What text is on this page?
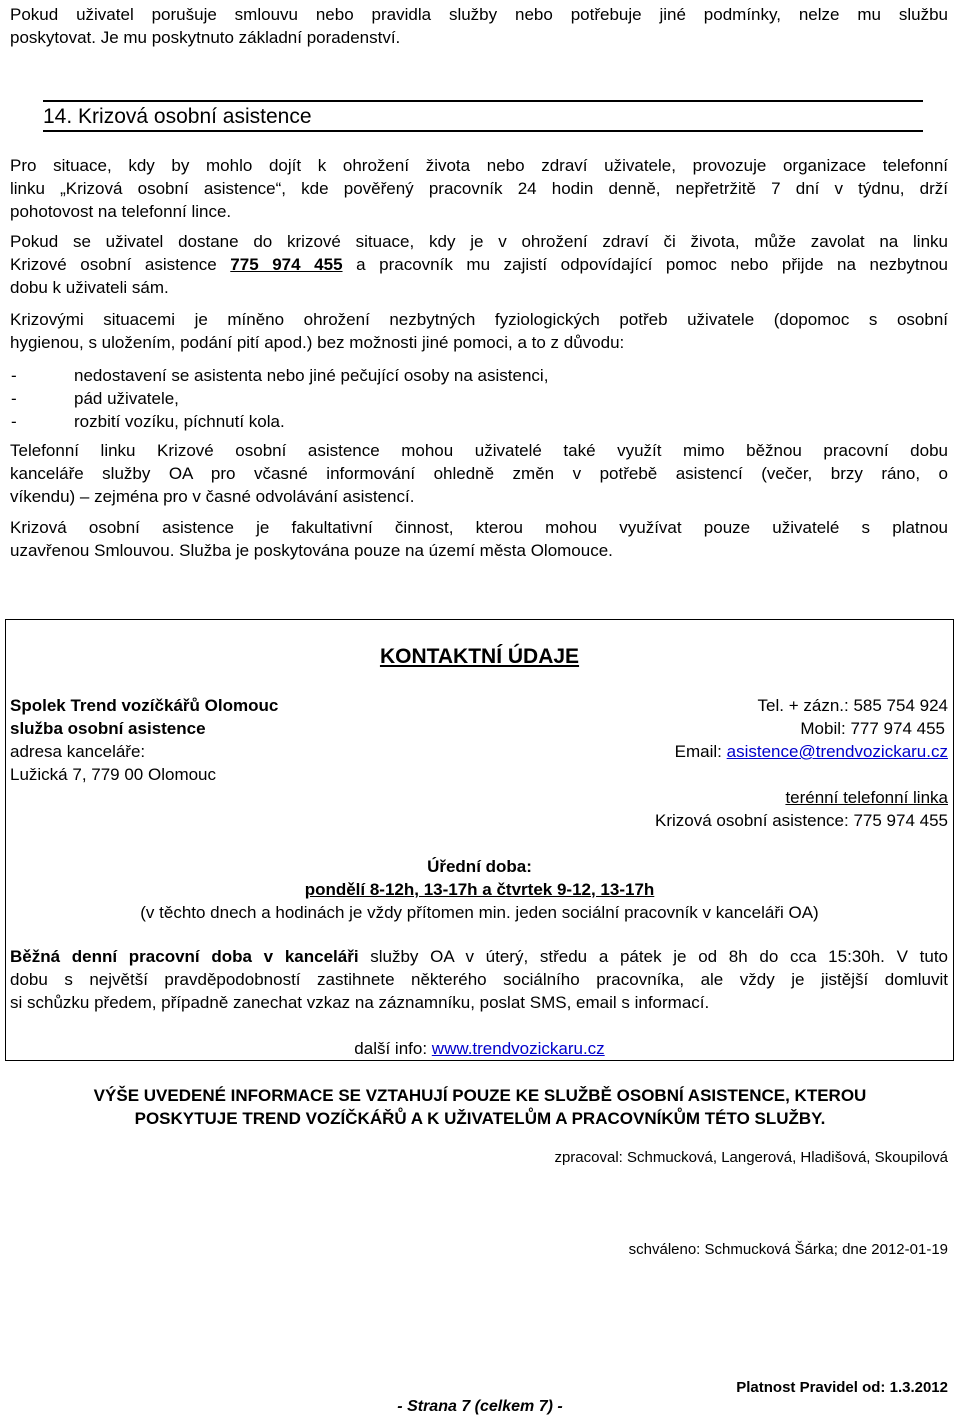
Pokud uživatel porušuje smlouvu nebo pravidla služby nebo potřebuje jiné podmínky, nelze mu službu
poskytovat. Je mu poskytnuto základní poradenství.
14. Krizová osobní asistence
Pro situace, kdy by mohlo dojít k ohrožení života nebo zdraví uživatele, provozuje organizace telefonní
linku „Krizová osobní asistence“, kde pověřený pracovník 24 hodin denně, nepřetržitě 7 dní v týdnu, drží
pohotovost na telefonní lince.
Pokud se uživatel dostane do krizové situace, kdy je v ohrožení zdraví či života, může zavolat na linku
Krizové osobní asistence 775 974 455 a pracovník mu zajistí odpovídající pomoc nebo přijde na nezbytnou
dobu k uživateli sám.
Krizovými situacemi je míněno ohrožení nezbytných fyziologických potřeb uživatele (dopomoc s osobní
hygienou, s uložením, podání pití apod.) bez možnosti jiné pomoci, a to z důvodu:
-	nedostavení se asistenta nebo jiné pečující osoby na asistenci,
-	pád uživatele,
-	rozbití vozíku, píchnutí kola.
Telefonní linku Krizové osobní asistence mohou uživatelé také využít mimo běžnou pracovní dobu
kanceláře služby OA pro včasné informování ohledně změn v potřebě asistencí (večer, brzy ráno, o
víkendu) – zejména pro v časné odvolávání asistencí.
Krizová osobní asistence je fakultativní činnost, kterou mohou využívat pouze uživatelé s platnou
uzavřenou Smlouvou. Služba je poskytována pouze na území města Olomouce.
KONTAKTNÍ ÚDAJE
Spolek Trend vozíčkářů Olomouc
služba osobní asistence
adresa kanceláře:
Lužická 7, 779 00 Olomouc
Tel. + zázn.: 585 754 924
Mobil: 777 974 455
Email: asistence@trendvozickaru.cz
terénní telefonní linka
Krizová osobní asistence: 775 974 455
Úřední doba:
pondělí 8-12h, 13-17h a čtvrtek 9-12, 13-17h
(v těchto dnech a hodinách je vždy přítomen min. jeden sociální pracovník v kanceláři OA)
Běžná denní pracovní doba v kanceláři služby OA v úterý, středu a pátek je od 8h do cca 15:30h. V tuto
dobu s největší pravděpodobností zastihnete některého sociálního pracovníka, ale vždy je jistější domluvit
si schůzku předem, případně zanechat vzkaz na záznamníku, poslat SMS, email s informací.
další info: www.trendvozickaru.cz
VÝŠE UVEDENÉ INFORMACE SE VZTAHUJÍ POUZE KE SLUŽBĚ OSOBNÍ ASISTENCE, KTEROU
POSKYTUJE TREND VOZÍČKÁŘŮ A K UŽIVATELŮM A PRACOVNÍKŮM TÉTO SLUŽBY.
zpracoval: Schmucková, Langerová, Hladišová, Skoupilová
schváleno: Schmucková Šárka; dne 2012-01-19
Platnost Pravidel od: 1.3.2012
- Strana 7 (celkem 7) -
